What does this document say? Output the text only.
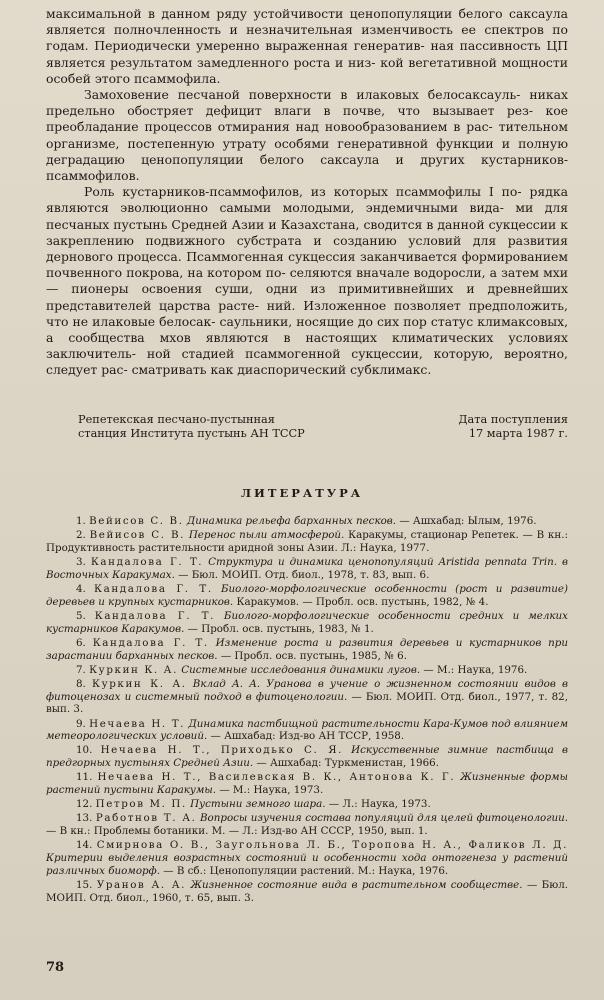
максимальной в данном ряду устойчивости ценопопуляции белого саксаула является полночленность и незначительная изменчивость ее спектров по годам. Периодически умеренно выраженная генератив- ная пассивность ЦП является результатом замедленного роста и низ- кой вегетативной мощности особей этого псаммофила.

Замоховение песчаной поверхности в илаковых белосаксауль- никах предельно обостряет дефицит влаги в почве, что вызывает рез- кое преобладание процессов отмирания над новообразованием в рас- тительном организме, постепенную утрату особями генеративной функции и полную деградацию ценопопуляции белого саксаула и других кустарников-псаммофилов.

Роль кустарников-псаммофилов, из которых псаммофилы I по- рядка являются эволюционно самыми молодыми, эндемичными вида- ми для песчаных пустынь Средней Азии и Казахстана, сводится в данной сукцессии к закреплению подвижного субстрата и созданию условий для развития дернового процесса. Псаммогенная сукцессия заканчивается формированием почвенного покрова, на котором по- селяются вначале водоросли, а затем мхи — пионеры освоения суши, одни из примитивнейших и древнейших представителей царства расте- ний. Изложенное позволяет предположить, что не илаковые белосак- саульники, носящие до сих пор статус климаксовых, а сообщества мхов являются в настоящих климатических условиях заключитель- ной стадией псаммогенной сукцессии, которую, вероятно, следует рас- сматривать как диаспорический субклимакс.

Репетекская песчано-пустынная
станция Института пустынь АН ТССР
Дата поступления
17 марта 1987 г.
ЛИТЕРАТУРА

1. Вейисов С. В. Динамика рельефа барханных песков. — Ашхабад: Ылым, 1976.

2. Вейисов С. В. Перенос пыли атмосферой. Каракумы, стационар Репетек. — В кн.: Продуктивность растительности аридной зоны Азии. Л.: Наука, 1977.

3. Кандалова Г. Т. Структура и динамика ценопопуляций Aristida pennata Trin. в Восточных Каракумах. — Бюл. МОИП. Отд. биол., 1978, т. 83, вып. 6.

4. Кандалова Г. Т. Биолого-морфологические особенности (рост и развитие) деревьев и крупных кустарников. Каракумов. — Пробл. осв. пустынь, 1982, № 4.

5. Кандалова Г. Т. Биолого-морфологические особенности средних и мелких кустарников Каракумов. — Пробл. осв. пустынь, 1983, № 1.

6. Кандалова Г. Т. Изменение роста и развития деревьев и кустарников при зарастании барханных песков. — Пробл. осв. пустынь, 1985, № 6.

7. Куркин К. А. Системные исследования динамики лугов. — М.: Наука, 1976.

8. Куркин К. А. Вклад А. А. Уранова в учение о жизненном состоянии видов в фитоценозах и системный подход в фитоценологии. — Бюл. МОИП. Отд. биол., 1977, т. 82, вып. 3.

9. Нечаева Н. Т. Динамика пастбищной растительности Кара-Кумов под влиянием метеорологических условий. — Ашхабад: Изд-во АН ТССР, 1958.

10. Нечаева Н. Т., Приходько С. Я. Искусственные зимние пастбища в предгорных пустынях Средней Азии. — Ашхабад: Туркменистан, 1966.

11. Нечаева Н. Т., Василевская В. К., Антонова К. Г. Жизненные формы растений пустыни Каракумы. — М.: Наука, 1973.

12. Петров М. П. Пустыни земного шара. — Л.: Наука, 1973.

13. Работнов Т. А. Вопросы изучения состава популяций для целей фитоценологии. — В кн.: Проблемы ботаники. М. — Л.: Изд-во АН СССР, 1950, вып. 1.

14. Смирнова О. В., Заугольнова Л. Б., Торопова Н. А., Фаликов Л. Д. Критерии выделения возрастных состояний и особенности хода онтогенеза у растений различных биоморф. — В сб.: Ценопопуляции растений. М.: Наука, 1976.

15. Уранов А. А. Жизненное состояние вида в растительном сообществе. — Бюл. МОИП. Отд. биол., 1960, т. 65, вып. 3.

78
